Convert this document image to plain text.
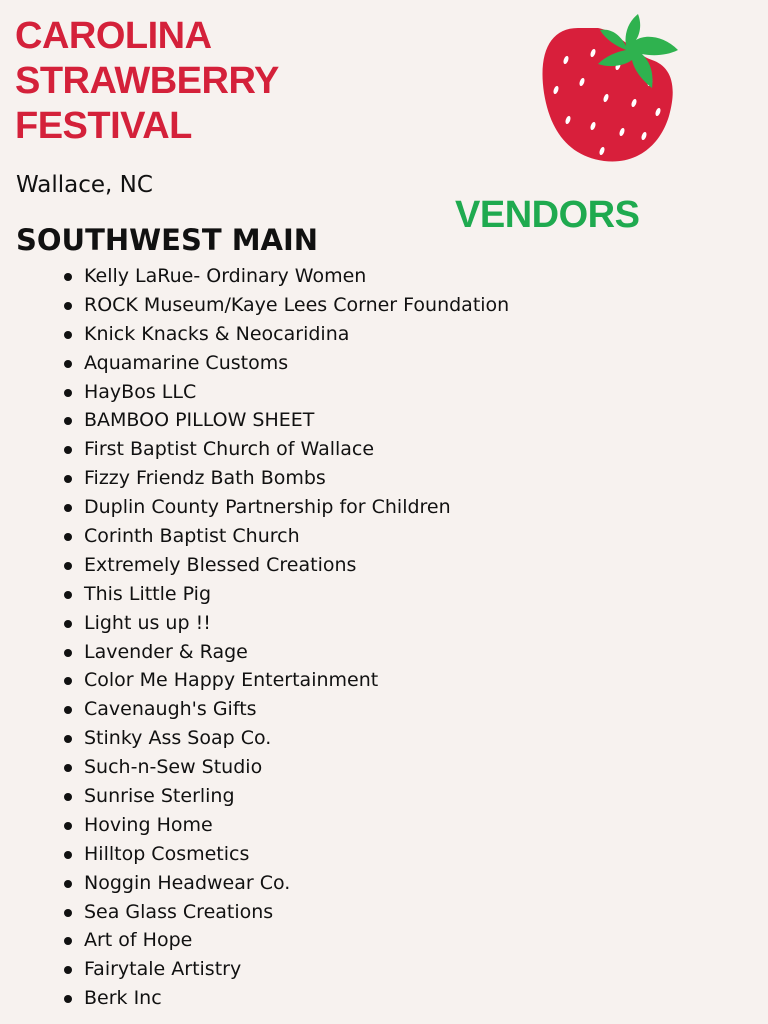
CAROLINA
STRAWBERRY
FESTIVAL
Wallace, NC
VENDORS
SOUTHWEST MAIN
Kelly LaRue- Ordinary Women
ROCK Museum/Kaye Lees Corner Foundation
Knick Knacks & Neocaridina
Aquamarine Customs
HayBos LLC
BAMBOO PILLOW SHEET
First Baptist Church of Wallace
Fizzy Friendz Bath Bombs
Duplin County Partnership for Children
Corinth Baptist Church
Extremely Blessed Creations
This Little Pig
Light us up !!
Lavender & Rage
Color Me Happy Entertainment
Cavenaugh's Gifts
Stinky Ass Soap Co.
Such-n-Sew Studio
Sunrise Sterling
Hoving Home
Hilltop Cosmetics
Noggin Headwear Co.
Sea Glass Creations
Art of Hope
Fairytale Artistry
Berk Inc
